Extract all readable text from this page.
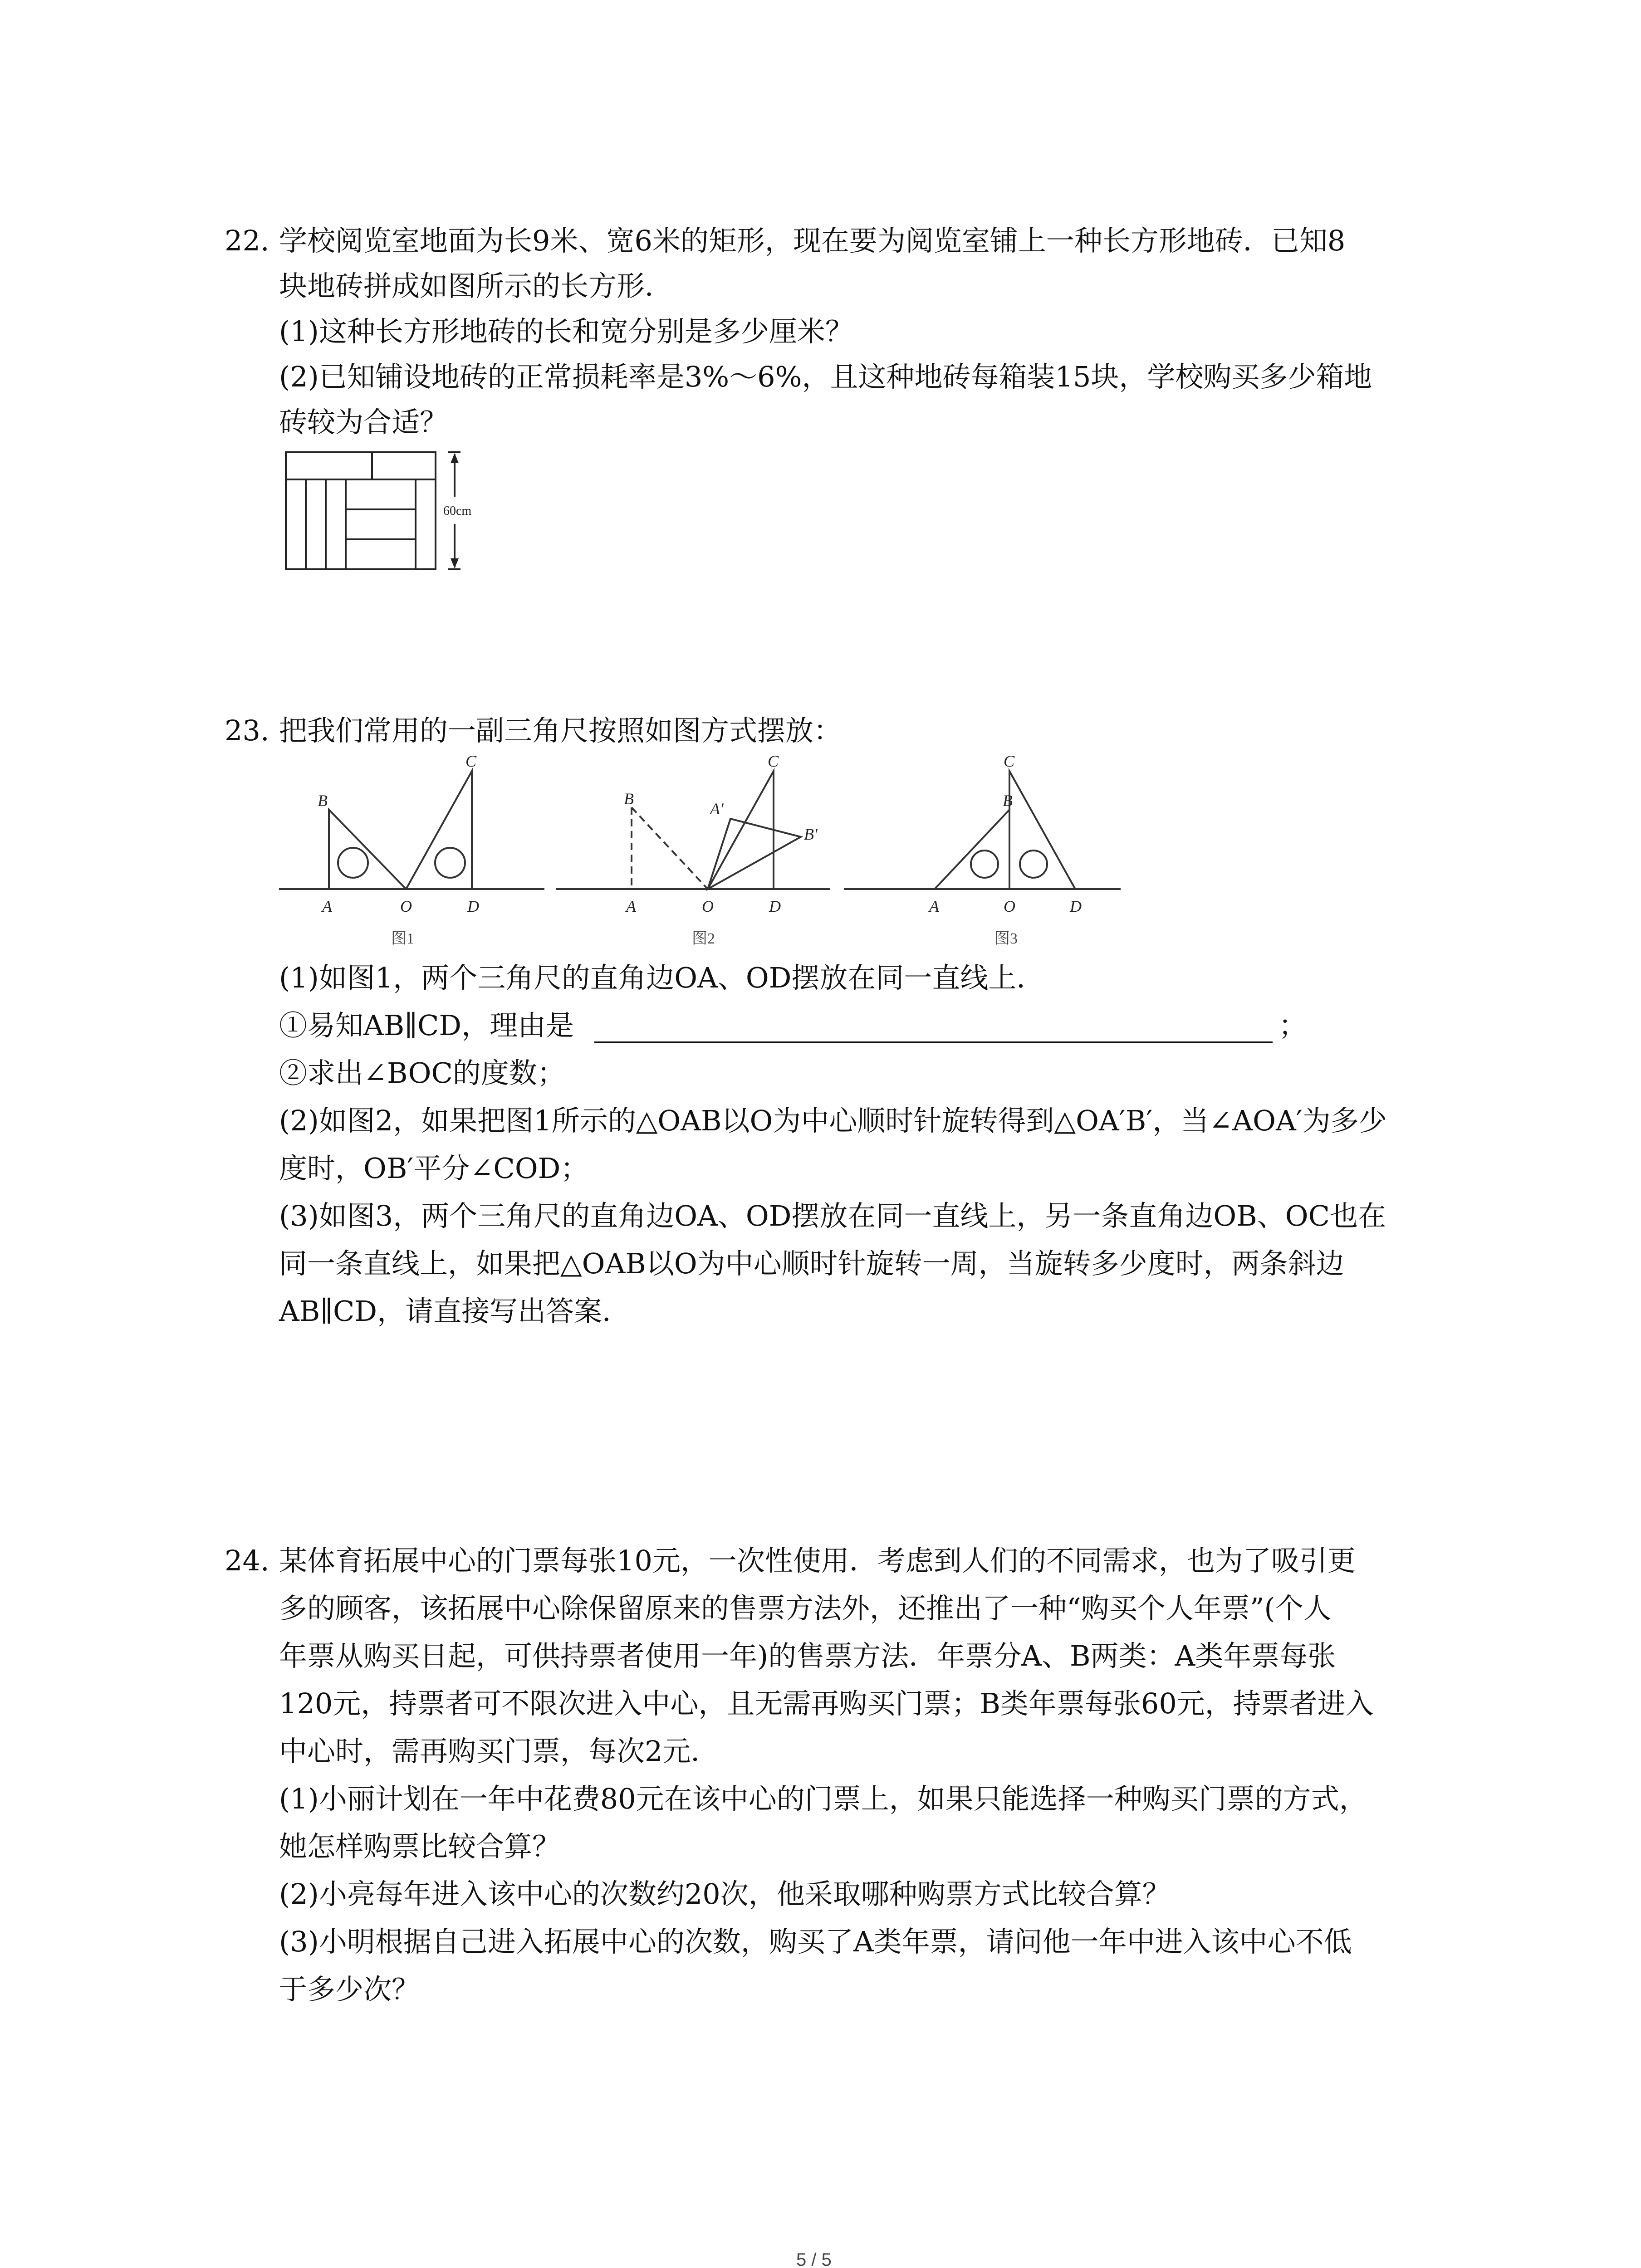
22. 学校阅览室地面为长9米、宽6米的矩形，现在要为阅览室铺上一种长方形地砖．已知8
块地砖拼成如图所示的长方形．
(1)这种长方形地砖的长和宽分别是多少厘米？
(2)已知铺设地砖的正常损耗率是3%～6%，且这种地砖每箱装15块，学校购买多少箱地
砖较为合适？
60cm
23. 把我们常用的一副三角尺按照如图方式摆放：
B
A	O	D
C
B
A	O	D
C
A′
B′
C
B
A	O	D
图1	图2	图3
(1)如图1，两个三角尺的直角边OA、OD摆放在同一直线上．
①易知AB∥CD，理由是	；
②求出∠BOC的度数；
(2)如图2，如果把图1所示的△OAB以O为中心顺时针旋转得到△OA′B′，当∠AOA′为多少
度时，OB′平分∠COD；
(3)如图3，两个三角尺的直角边OA、OD摆放在同一直线上，另一条直角边OB、OC也在
同一条直线上，如果把△OAB以O为中心顺时针旋转一周，当旋转多少度时，两条斜边
AB∥CD，请直接写出答案．
24. 某体育拓展中心的门票每张10元，一次性使用．考虑到人们的不同需求，也为了吸引更
多的顾客，该拓展中心除保留原来的售票方法外，还推出了一种“购买个人年票”(个人
年票从购买日起，可供持票者使用一年)的售票方法．年票分A、B两类：A类年票每张
120元，持票者可不限次进入中心，且无需再购买门票；B类年票每张60元，持票者进入
中心时，需再购买门票，每次2元．
(1)小丽计划在一年中花费80元在该中心的门票上，如果只能选择一种购买门票的方式，
她怎样购票比较合算？
(2)小亮每年进入该中心的次数约20次，他采取哪种购票方式比较合算？
(3)小明根据自己进入拓展中心的次数，购买了A类年票，请问他一年中进入该中心不低
于多少次？
5 / 5
